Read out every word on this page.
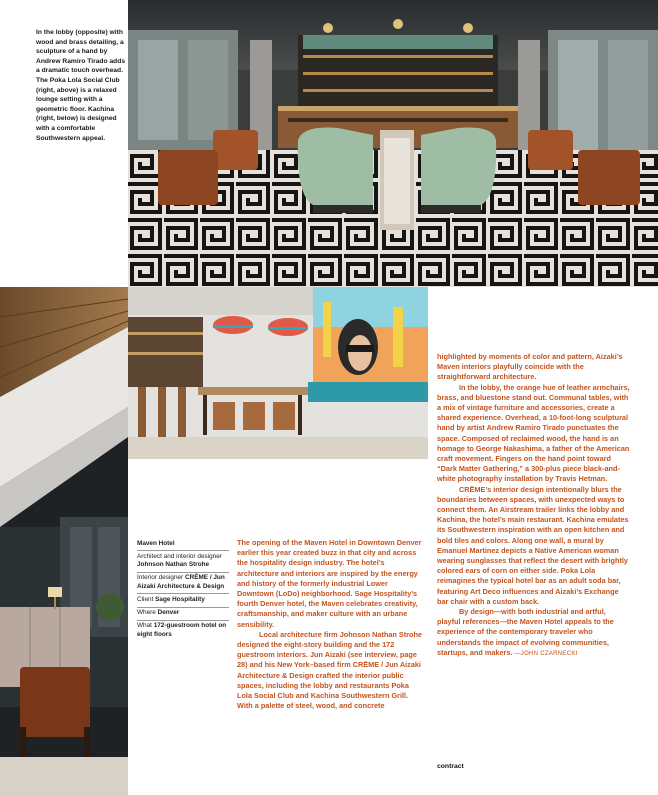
In the lobby (opposite) with wood and brass detailing, a sculpture of a hand by Andrew Ramiro Tirado adds a dramatic touch overhead. The Poka Lola Social Club (right, above) is a relaxed lounge setting with a geometric floor. Kachina (right, below) is designed with a comfortable Southwestern appeal.
Maven Hotel
Architect and interior designer
Johnson Nathan Strohe
Interior designer CRĒME / Jun Aizaki Architecture & Design
Client Sage Hospitality
Where Denver
What 172-guestroom hotel on eight floors

The opening of the Maven Hotel in Downtown Denver earlier this year created buzz in that city and across the hospitality design industry. The hotel’s architecture and interiors are inspired by the energy and history of the formerly industrial Lower Downtown (LoDo) neighborhood. Sage Hospitality’s fourth Denver hotel, the Maven celebrates creativity, craftsmanship, and maker culture with an urbane sensibility.

Local architecture firm Johnson Nathan Strohe designed the eight-story building and the 172 guestroom interiors. Jun Aizaki (see interview, page 28) and his New York–based firm CRĒME / Jun Aizaki Architecture & Design crafted the interior public spaces, including the lobby and restaurants Poka Lola Social Club and Kachina Southwestern Grill. With a palette of steel, wood, and concrete

highlighted by moments of color and pattern, Aizaki’s Maven interiors playfully coincide with the straightforward architecture.

In the lobby, the orange hue of leather armchairs, brass, and bluestone stand out. Communal tables, with a mix of vintage furniture and accessories, create a shared experience. Overhead, a 10-foot-long sculptural hand by artist Andrew Ramiro Tirado punctuates the space. Composed of reclaimed wood, the hand is an homage to George Nakashima, a father of the American craft movement. Fingers on the hand point toward “Dark Matter Gathering,” a 300-plus piece black-and-white photography installation by Travis Hetman.

CRĒME’s interior design intentionally blurs the boundaries between spaces, with unexpected ways to connect them. An Airstream trailer links the lobby and Kachina, the hotel’s main restaurant. Kachina emulates its Southwestern inspiration with an open kitchen and bold tiles and colors. Along one wall, a mural by Emanuel Martinez depicts a Native American woman wearing sunglasses that reflect the desert with brightly colored ears of corn on either side. Poka Lola reimagines the typical hotel bar as an adult soda bar, featuring Art Deco influences and Aizaki’s Exchange bar chair with a custom back.

By design—with both industrial and artful, playful references—the Maven Hotel appeals to the experience of the contemporary traveler who understands the impact of evolving communities, startups, and makers. —JOHN CZARNECKI

contract
